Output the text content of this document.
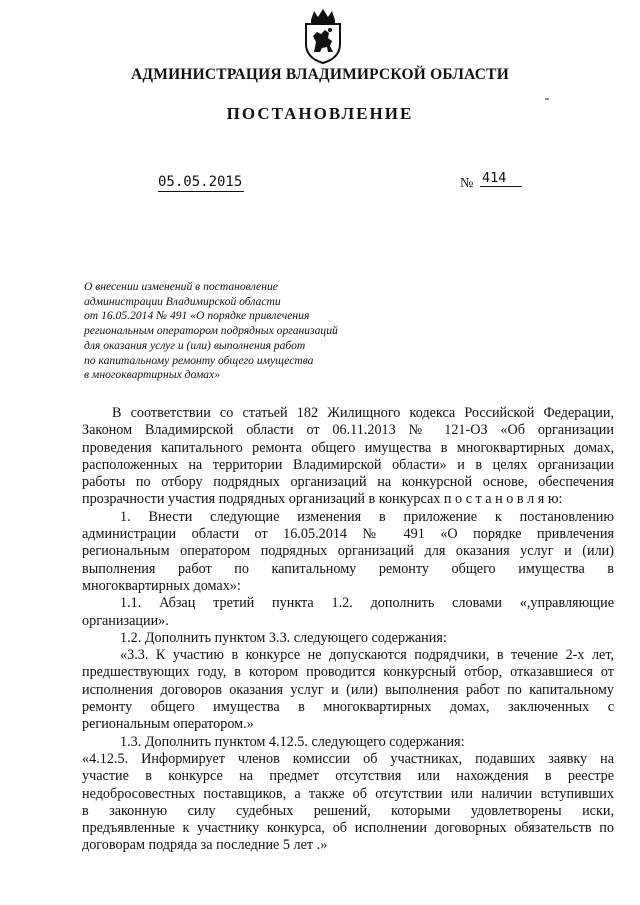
АДМИНИСТРАЦИЯ ВЛАДИМИРСКОЙ ОБЛАСТИ
ПОСТАНОВЛЕНИЕ
05.05.2015	№ 414
О внесении изменений в постановление
администрации Владимирской области
от 16.05.2014 № 491 «О порядке привлечения
региональным оператором подрядных организаций
для оказания услуг и (или) выполнения работ
по капитальному ремонту общего имущества
в многоквартирных домах»
В соответствии со статьей 182 Жилищного кодекса Российской Федерации,
Законом Владимирской области от 06.11.2013 № 121-ОЗ «Об организации
проведения капитального ремонта общего имущества в многоквартирных домах,
расположенных на территории Владимирской области» и в целях организации
работы по отбору подрядных организаций на конкурсной основе, обеспечения
прозрачности участия подрядных организаций в конкурсах п о с т а н о в л я ю:
1. Внести следующие изменения в приложение к постановлению
администрации области от 16.05.2014 № 491 «О порядке привлечения
региональным оператором подрядных организаций для оказания услуг и (или)
выполнения работ по капитальному ремонту общего имущества в
многоквартирных домах»:
1.1. Абзац третий пункта 1.2. дополнить словами «,управляющие
организации».
1.2. Дополнить пунктом 3.3. следующего содержания:
«3.3. К участию в конкурсе не допускаются подрядчики, в течение 2-х лет,
предшествующих году, в котором проводится конкурсный отбор, отказавшиеся от
исполнения договоров оказания услуг и (или) выполнения работ по капитальному
ремонту общего имущества в многоквартирных домах, заключенных с
региональным оператором.»
1.3. Дополнить пунктом 4.12.5. следующего содержания:
«4.12.5. Информирует членов комиссии об участниках, подавших заявку на
участие в конкурсе на предмет отсутствия или нахождения в реестре
недобросовестных поставщиков, а также об отсутствии или наличии вступивших
в законную силу судебных решений, которыми удовлетворены иски,
предъявленные к участнику конкурса, об исполнении договорных обязательств по
договорам подряда за последние 5 лет .»
